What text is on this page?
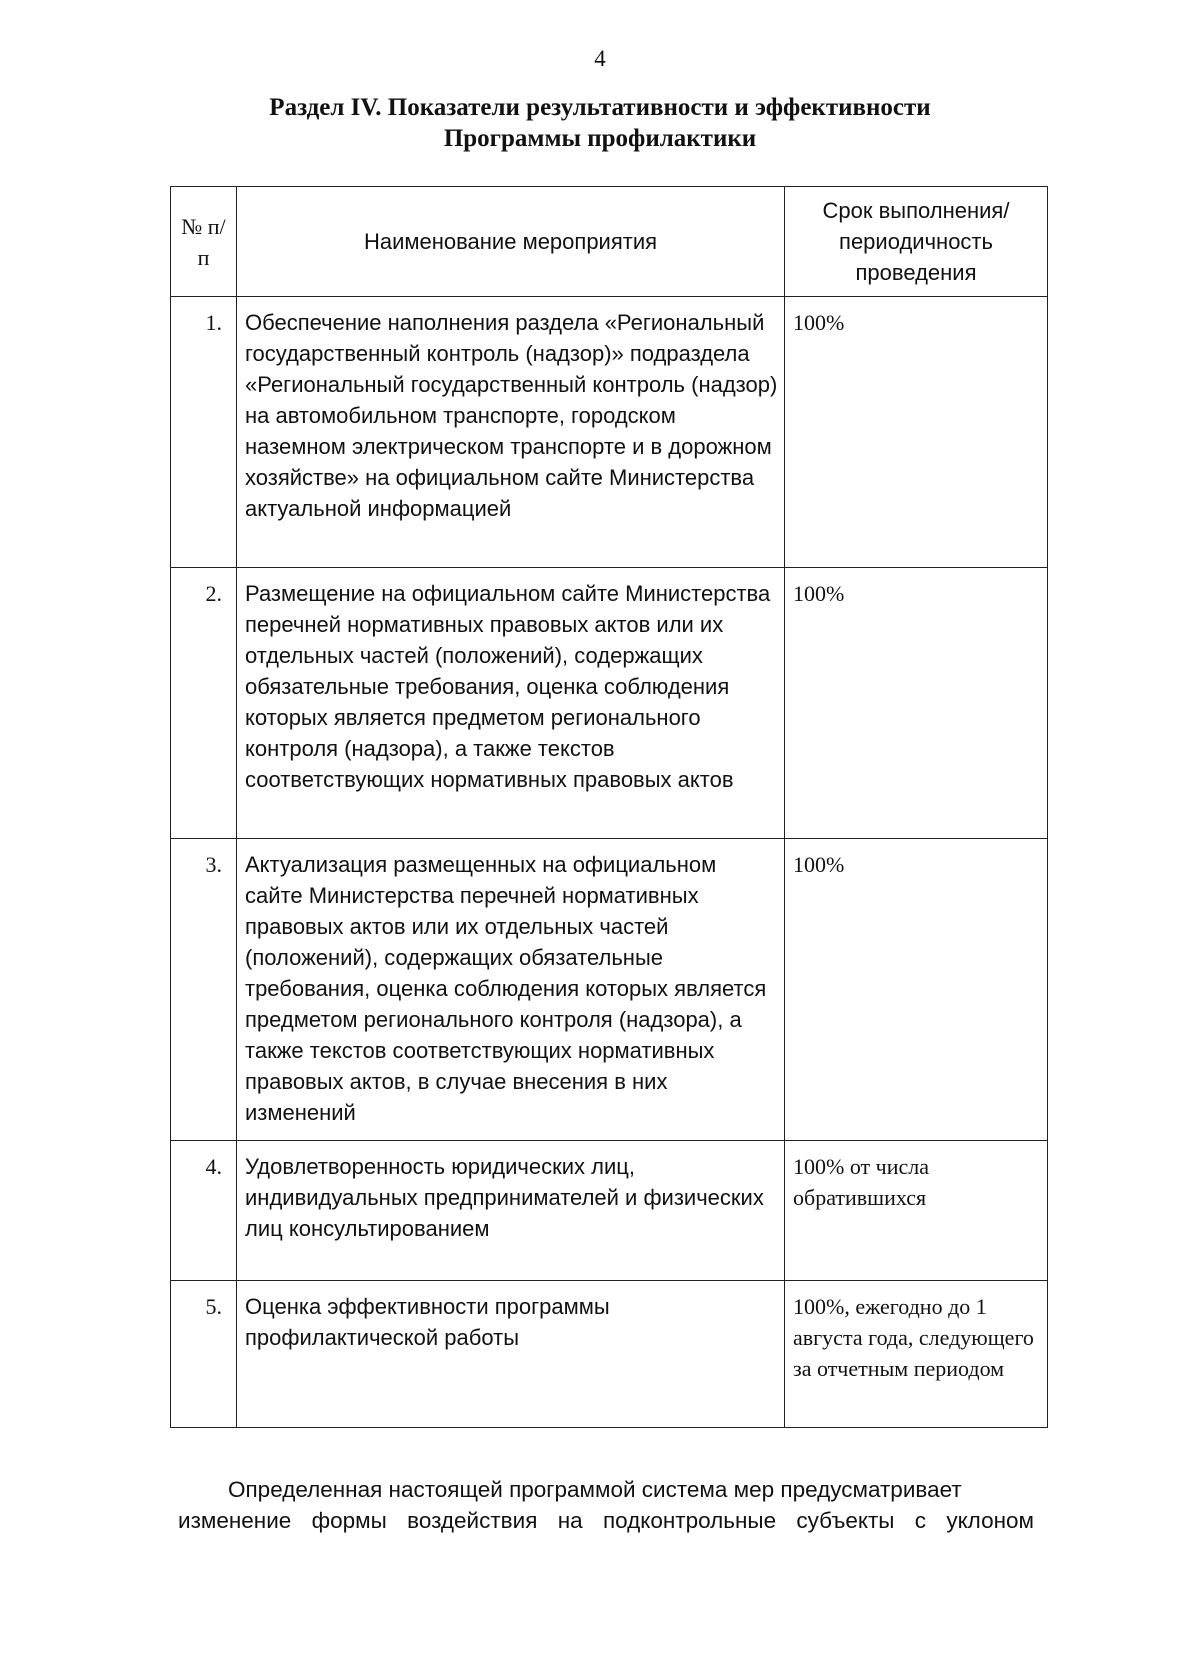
4
Раздел IV. Показатели результативности и эффективности
Программы профилактики
№ п/п	Наименование мероприятия	Срок выполнения/периодичность проведения
1.	Обеспечение наполнения раздела «Региональный государственный контроль (надзор)» подраздела «Региональный государственный контроль (надзор) на автомобильном транспорте, городском наземном электрическом транспорте и в дорожном хозяйстве» на официальном сайте Министерства актуальной информацией	100%
2.	Размещение на официальном сайте Министерства перечней нормативных правовых актов или их отдельных частей (положений), содержащих обязательные требования, оценка соблюдения которых является предметом регионального контроля (надзора), а также текстов соответствующих нормативных правовых актов	100%
3.	Актуализация размещенных на официальном сайте Министерства перечней нормативных правовых актов или их отдельных частей (положений), содержащих обязательные требования, оценка соблюдения которых является предметом регионального контроля (надзора), а также текстов соответствующих нормативных правовых актов, в случае внесения в них изменений	100%
4.	Удовлетворенность юридических лиц, индивидуальных предпринимателей и физических лиц консультированием	100% от числа обратившихся
5.	Оценка эффективности программы профилактической работы	100%, ежегодно до 1 августа года, следующего за отчетным периодом
Определенная настоящей программой система мер предусматривает
изменение формы воздействия на подконтрольные субъекты с уклоном
